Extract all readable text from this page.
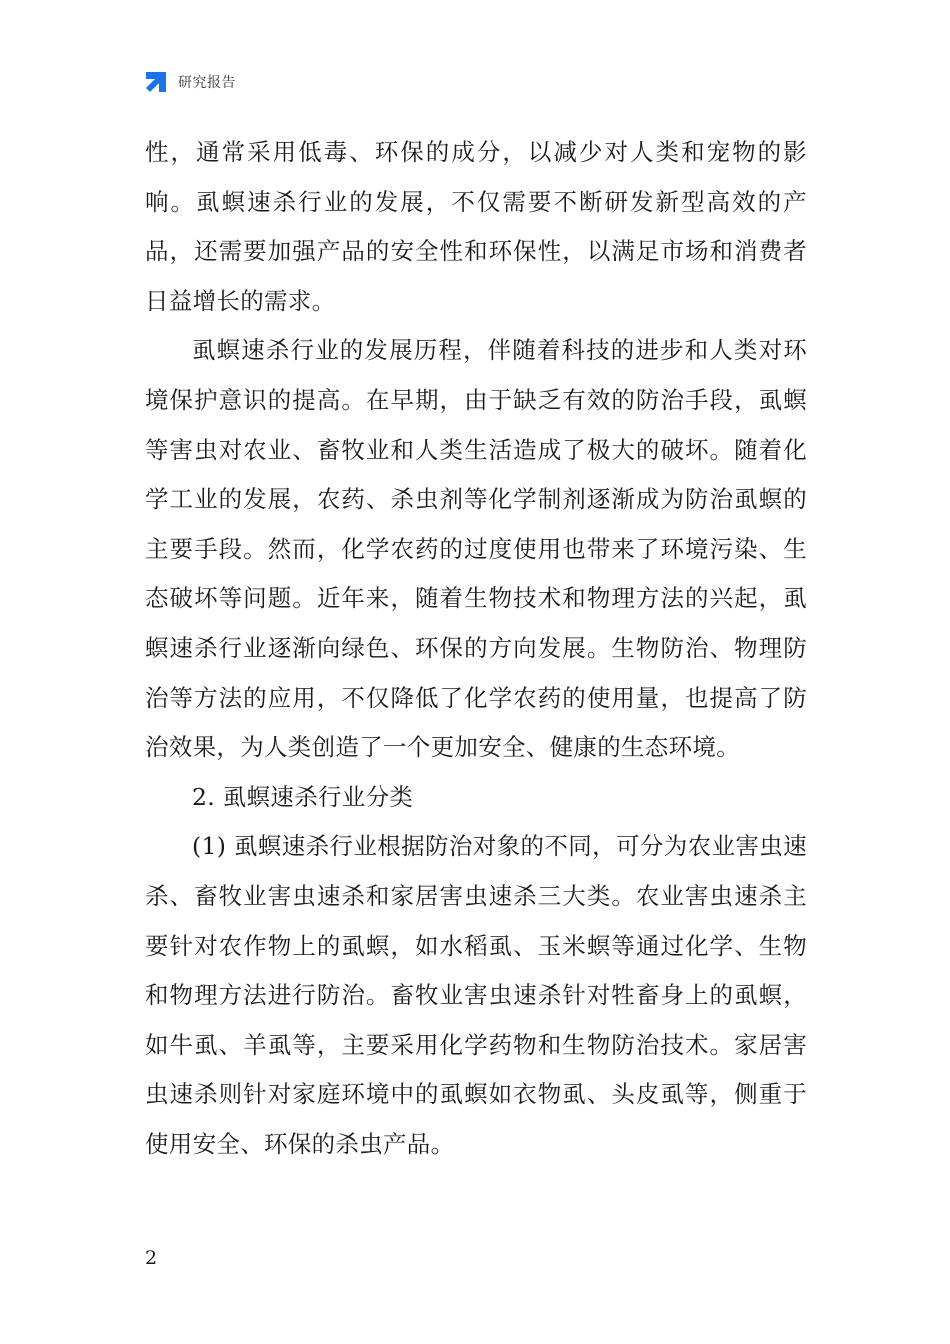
研究报告

性，通常采用低毒、环保的成分，以减少对人类和宠物的影响。虱螟速杀行业的发展，不仅需要不断研发新型高效的产品，还需要加强产品的安全性和环保性，以满足市场和消费者日益增长的需求。

虱螟速杀行业的发展历程，伴随着科技的进步和人类对环境保护意识的提高。在早期，由于缺乏有效的防治手段，虱螟等害虫对农业、畜牧业和人类生活造成了极大的破坏。随着化学工业的发展，农药、杀虫剂等化学制剂逐渐成为防治虱螟的主要手段。然而，化学农药的过度使用也带来了环境污染、生态破坏等问题。近年来，随着生物技术和物理方法的兴起，虱螟速杀行业逐渐向绿色、环保的方向发展。生物防治、物理防治等方法的应用，不仅降低了化学农药的使用量，也提高了防治效果，为人类创造了一个更加安全、健康的生态环境。

2. 虱螟速杀行业分类

(1) 虱螟速杀行业根据防治对象的不同，可分为农业害虫速杀、畜牧业害虫速杀和家居害虫速杀三大类。农业害虫速杀主要针对农作物上的虱螟，如水稻虱、玉米螟等通过化学、生物和物理方法进行防治。畜牧业害虫速杀针对牲畜身上的虱螟，如牛虱、羊虱等，主要采用化学药物和生物防治技术。家居害虫速杀则针对家庭环境中的虱螟如衣物虱、头皮虱等，侧重于使用安全、环保的杀虫产品。

2
